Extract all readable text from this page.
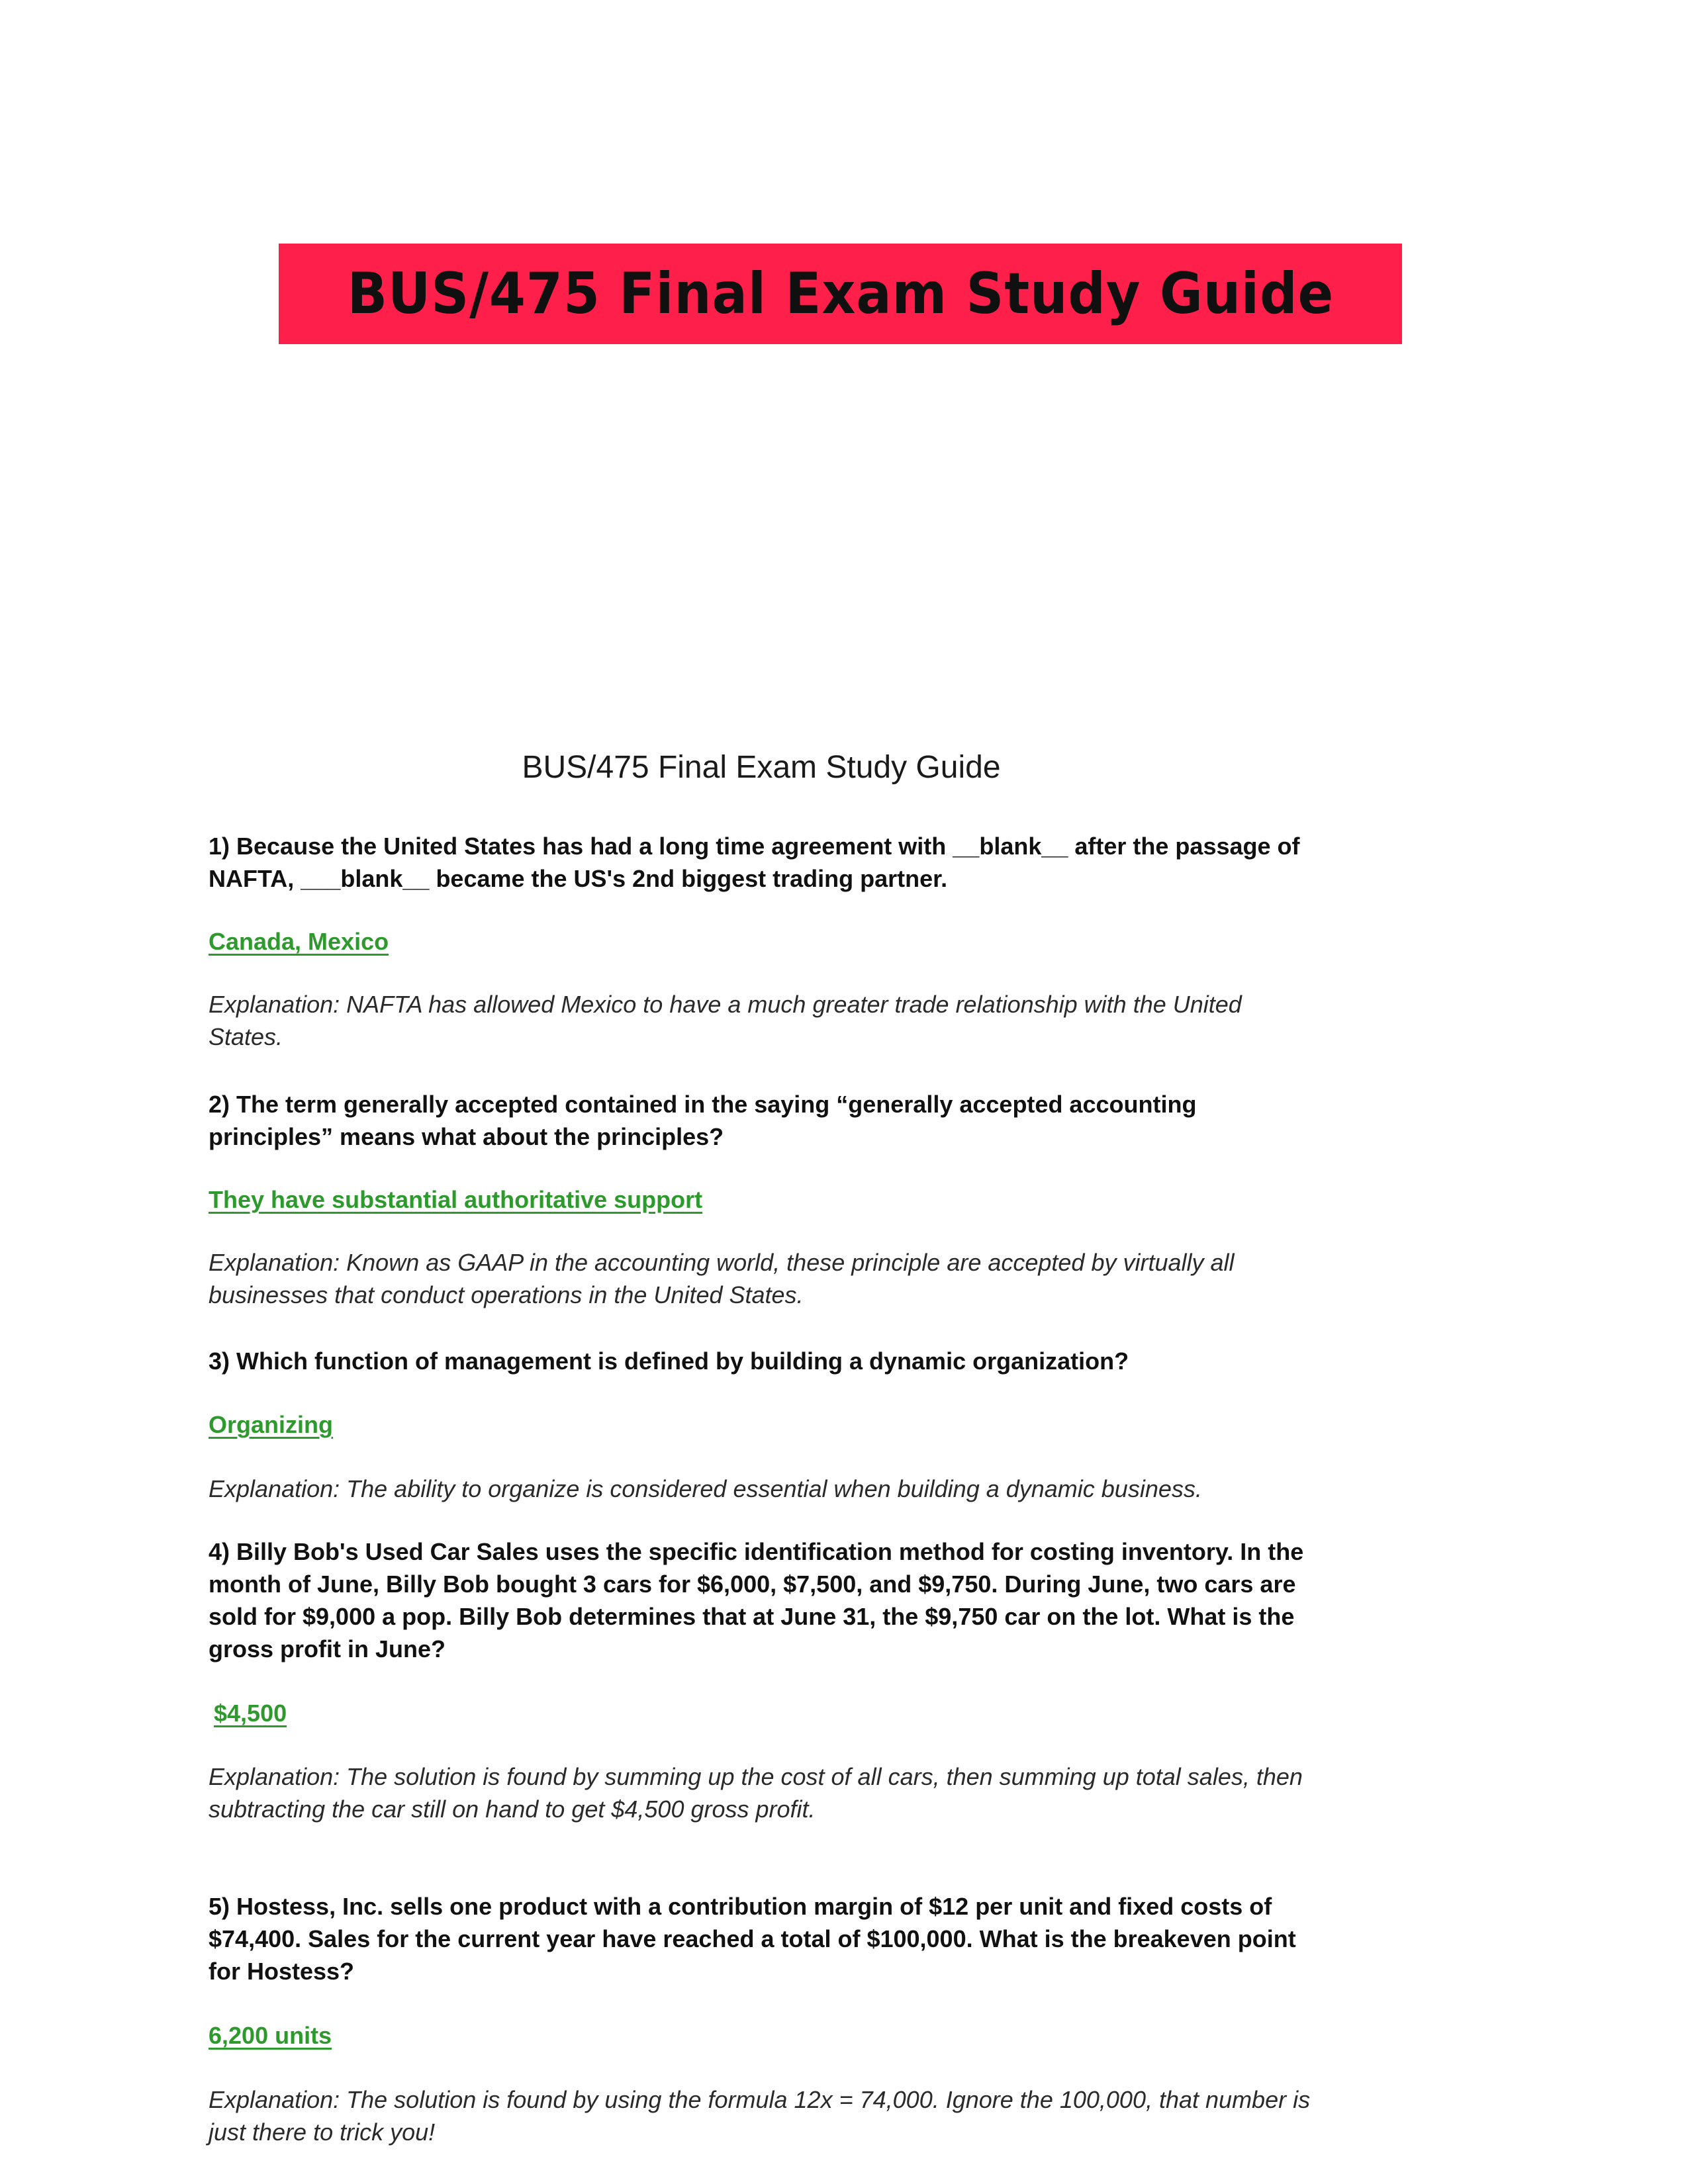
BUS/475 Final Exam Study Guide
BUS/475 Final Exam Study Guide

1) Because the United States has had a long time agreement with __blank__ after the passage of NAFTA, ___blank__ became the US's 2nd biggest trading partner.

Canada, Mexico

Explanation: NAFTA has allowed Mexico to have a much greater trade relationship with the United States.

2) The term generally accepted contained in the saying “generally accepted accounting principles” means what about the principles?

They have substantial authoritative support

Explanation: Known as GAAP in the accounting world, these principle are accepted by virtually all businesses that conduct operations in the United States.

3) Which function of management is defined by building a dynamic organization?

Organizing

Explanation: The ability to organize is considered essential when building a dynamic business.

4) Billy Bob's Used Car Sales uses the specific identification method for costing inventory. In the month of June, Billy Bob bought 3 cars for $6,000, $7,500, and $9,750. During June, two cars are sold for $9,000 a pop. Billy Bob determines that at June 31, the $9,750 car on the lot. What is the gross profit in June?

$4,500

Explanation: The solution is found by summing up the cost of all cars, then summing up total sales, then subtracting the car still on hand to get $4,500 gross profit.

5) Hostess, Inc. sells one product with a contribution margin of $12 per unit and fixed costs of $74,400. Sales for the current year have reached a total of $100,000. What is the breakeven point for Hostess?

6,200 units

Explanation: The solution is found by using the formula 12x = 74,000. Ignore the 100,000, that number is just there to trick you!
